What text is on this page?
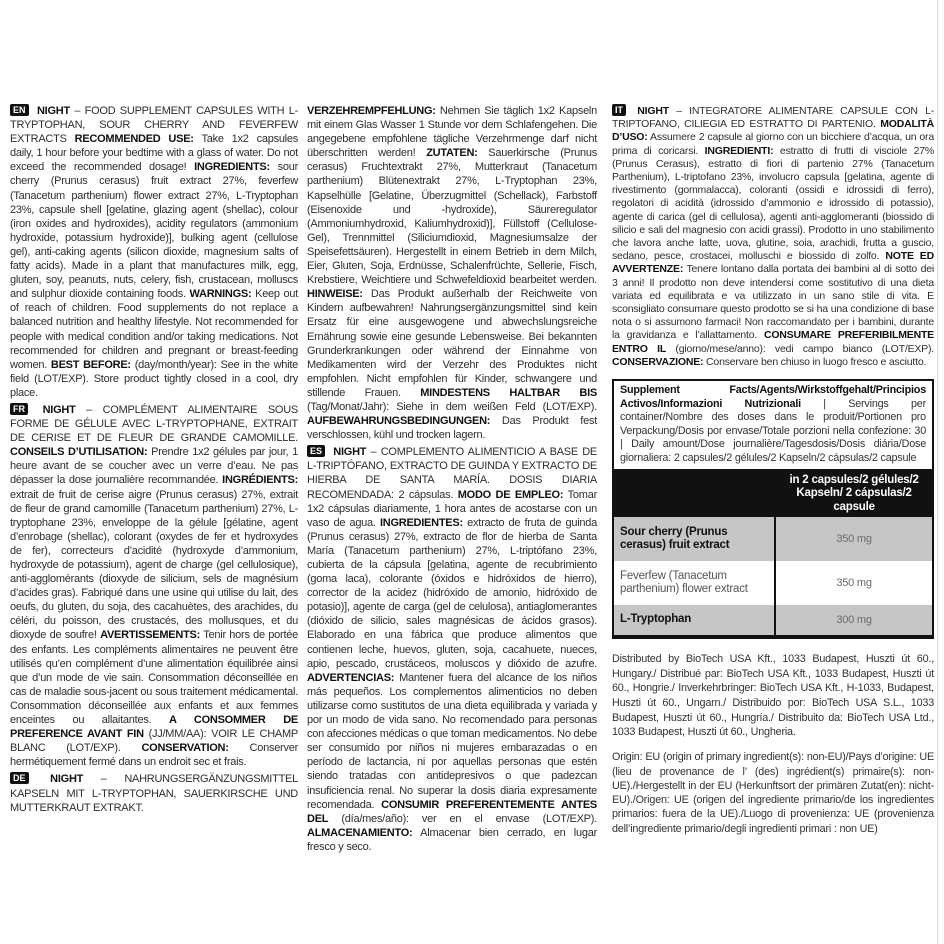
EN NIGHT – FOOD SUPPLEMENT CAPSULES WITH L-TRYPTOPHAN, SOUR CHERRY AND FEVERFEW EXTRACTS RECOMMENDED USE: Take 1x2 capsules daily, 1 hour before your bedtime with a glass of water. Do not exceed the recommended dosage! INGREDIENTS: sour cherry (Prunus cerasus) fruit extract 27%, feverfew (Tanacetum parthenium) flower extract 27%, L-Tryptophan 23%, capsule shell [gelatine, glazing agent (shellac), colour (iron oxides and hydroxides), acidity regulators (ammonium hydroxide, potassium hydroxide)], bulking agent (cellulose gel), anti-caking agents (silicon dioxide, magnesium salts of fatty acids). Made in a plant that manufactures milk, egg, gluten, soy, peanuts, nuts, celery, fish, crustacean, molluscs and sulphur dioxide containing foods. WARNINGS: Keep out of reach of children. Food supplements do not replace a balanced nutrition and healthy lifestyle. Not recommended for people with medical condition and/or taking medications. Not recommended for children and pregnant or breast-feeding women. BEST BEFORE: (day/month/year): See in the white field (LOT/EXP). Store product tightly closed in a cool, dry place.

FR NIGHT – COMPLÉMENT ALIMENTAIRE SOUS FORME DE GÉLULE AVEC L-TRYPTOPHANE, EXTRAIT DE CERISE ET DE FLEUR DE GRANDE CAMOMILLE. CONSEILS D’UTILISATION: Prendre 1x2 gélules par jour, 1 heure avant de se coucher avec un verre d’eau. Ne pas dépasser la dose journalière recommandée. INGRÉDIENTS: extrait de fruit de cerise aigre (Prunus cerasus) 27%, extrait de fleur de grand camomille (Tanacetum parthenium) 27%, L-tryptophane 23%, enveloppe de la gélule [gélatine, agent d’enrobage (shellac), colorant (oxydes de fer et hydroxydes de fer), correcteurs d’acidité (hydroxyde d’ammonium, hydroxyde de potassium), agent de charge (gel cellulosique), anti-agglomérants (dioxyde de silicium, sels de magnésium d’acides gras). Fabriqué dans une usine qui utilise du lait, des oeufs, du gluten, du soja, des cacahuètes, des arachides, du céléri, du poisson, des crustacés, des mollusques, et du dioxyde de soufre! AVERTISSEMENTS: Tenir hors de portée des enfants. Les compléments alimentaires ne peuvent être utilisés qu’en complément d’une alimentation équilibrée ainsi que d’un mode de vie sain. Consommation déconseillée en cas de maladie sous-jacent ou sous traitement médicamental. Consommation déconseillée aux enfants et aux femmes enceintes ou allaitantes. A CONSOMMER DE PREFERENCE AVANT FIN (JJ/MM/AA): VOIR LE CHAMP BLANC (LOT/EXP). CONSERVATION: Conserver hermétiquement fermé dans un endroit sec et frais.

DE NIGHT – NAHRUNGSERGÄNZUNGSMITTEL KAPSELN MIT L-TRYPTOPHAN, SAUERKIRSCHE UND MUTTERKRAUT EXTRAKT.

VERZEHREMPFEHLUNG: Nehmen Sie täglich 1x2 Kapseln mit einem Glas Wasser 1 Stunde vor dem Schlafengehen. Die angegebene empfohlene tägliche Verzehrmenge darf nicht überschritten werden! ZUTATEN: Sauerkirsche (Prunus cerasus) Fruchtextrakt 27%, Mutterkraut (Tanacetum parthenium) Blütenextrakt 27%, L-Tryptophan 23%, Kapselhülle [Gelatine, Überzugmittel (Schellack), Farbstoff (Eisenoxide und -hydroxide), Säureregulator (Ammoniumhydroxid, Kaliumhydroxid)], Füllstoff (Cellulose-Gel), Trennmittel (Siliciumdioxid, Magnesiumsalze der Speisefettsäuren). Hergestellt in einem Betrieb in dem Milch, Eier, Gluten, Soja, Erdnüsse, Schalenfrüchte, Sellerie, Fisch, Krebstiere, Weichtiere und Schwefeldioxid bearbeitet werden. HINWEISE: Das Produkt außerhalb der Reichweite von Kindern aufbewahren! Nahrungsergänzungsmittel sind kein Ersatz für eine ausgewogene und abwechslungsreiche Ernährung sowie eine gesunde Lebensweise. Bei bekannten Grunderkrankungen oder während der Einnahme von Medikamenten wird der Verzehr des Produktes nicht empfohlen. Nicht empfohlen für Kinder, schwangere und stillende Frauen. MINDESTENS HALTBAR BIS (Tag/Monat/Jahr): Siehe in dem weißen Feld (LOT/EXP). AUFBEWAHRUNGSBEDINGUNGEN: Das Produkt fest verschlossen, kühl und trocken lagern.

ES NIGHT – COMPLEMENTO ALIMENTICIO A BASE DE L-TRIPTÓFANO, EXTRACTO DE GUINDA Y EXTRACTO DE HIERBA DE SANTA MARÍA. DOSIS DIARIA RECOMENDADA: 2 cápsulas. MODO DE EMPLEO: Tomar 1x2 cápsulas diariamente, 1 hora antes de acostarse con un vaso de agua. INGREDIENTES: extracto de fruta de guinda (Prunus cerasus) 27%, extracto de flor de hierba de Santa María (Tanacetum parthenium) 27%, L-triptófano 23%, cubierta de la cápsula [gelatina, agente de recubrimiento (goma laca), colorante (óxidos e hidróxidos de hierro), corrector de la acidez (hidróxido de amonio, hidróxido de potasio)], agente de carga (gel de celulosa), antiaglomerantes (dióxido de silicio, sales magnésicas de ácidos grasos). Elaborado en una fábrica que produce alimentos que contienen leche, huevos, gluten, soja, cacahuete, nueces, apio, pescado, crustáceos, moluscos y dióxido de azufre. ADVERTENCIAS: Mantener fuera del alcance de los niños más pequeños. Los complementos alimenticios no deben utilizarse como sustitutos de una dieta equilibrada y variada y por un modo de vida sano. No recomendado para personas con afecciones médicas o que toman medicamentos. No debe ser consumido por niños ni mujeres embarazadas o en período de lactancia, ni por aquellas personas que estén siendo tratadas con antidepresivos o que padezcan insuficiencia renal. No superar la dosis diaria expresamente recomendada. CONSUMIR PREFERENTEMENTE ANTES DEL (día/mes/año): ver en el envase (LOT/EXP). ALMACENAMIENTO: Almacenar bien cerrado, en lugar fresco y seco.

IT NIGHT – INTEGRATORE ALIMENTARE CAPSULE CON L-TRIPTOFANO, CILIEGIA ED ESTRATTO DI PARTENIO. MODALITÀ D’USO: Assumere 2 capsule al giorno con un bicchiere d’acqua, un ora prima di coricarsi. INGREDIENTI: estratto di frutti di visciole 27% (Prunus Cerasus), estratto di fiori di partenio 27% (Tanacetum Parthenium), L-triptofano 23%, involucro capsula [gelatina, agente di rivestimento (gommalacca), coloranti (ossidi e idrossidi di ferro), regolatori di acidità (idrossido d’ammonio e idrossido di potassio), agente di carica (gel di cellulosa), agenti anti-agglomeranti (biossido di silicio e sali del magnesio con acidi grassi). Prodotto in uno stabilimento che lavora anche latte, uova, glutine, soia, arachidi, frutta a guscio, sedano, pesce, crostacei, molluschi e biossido di zolfo. NOTE ED AVVERTENZE: Tenere lontano dalla portata dei bambini al di sotto dei 3 anni! Il prodotto non deve intendersi come sostitutivo di una dieta variata ed equilibrata e va utilizzato in un sano stile di vita. E sconsigliato consumare questo prodotto se si ha una condizione di base nota o si assumono farmaci! Non raccomandato per i bambini, durante la gravidanza e l’allattamento. CONSUMARE PREFERIBILMENTE ENTRO IL (giorno/mese/anno): vedi campo bianco (LOT/EXP). CONSERVAZIONE: Conservare ben chiuso in luogo fresco e asciutto.

Supplement Facts/Agents/Wirkstoffgehalt/Principios Activos/Informazioni Nutrizionali | Servings per container/Nombre des doses dans le produit/Portionen pro Verpackung/Dosis por envase/Totale porzioni nella confezione: 30 | Daily amount/Dose journalière/Tagesdosis/Dosis diária/Dose giornaliera: 2 capsules/2 gélules/2 Kapseln/2 cápsulas/2 capsule
in 2 capsules/2 gélules/2 Kapseln/ 2 cápsulas/2 capsule
Sour cherry (Prunus cerasus) fruit extract
350 mg
Feverfew (Tanacetum parthenium) flower extract
350 mg
L-Tryptophan	300 mg

Distributed by BioTech USA Kft., 1033 Budapest, Huszti út 60., Hungary./ Distribué par: BioTech USA Kft., 1033 Budapest, Huszti út 60., Hongrie./ Inverkehrbringer: BioTech USA Kft., H-1033, Budapest, Huszti út 60., Ungarn./ Distribuido por: BioTech USA S.L., 1033 Budapest, Huszti út 60., Hungría./ Distribuito da: BioTech USA Ltd., 1033 Budapest, Huszti út 60., Ungheria.

Origin: EU (origin of primary ingredient(s): non-EU)/Pays d’origine: UE (lieu de provenance de l’ (des) ingrédient(s) primaire(s): non-UE)./Hergestellt in der EU (Herkunftsort der primären Zutat(en): nicht-EU)./Origen: UE (origen del ingrediente primario/de los ingredientes primarios: fuera de la UE)./Luogo di provenienza: UE (provenienza dell’ingrediente primario/degli ingredienti primari : non UE)
